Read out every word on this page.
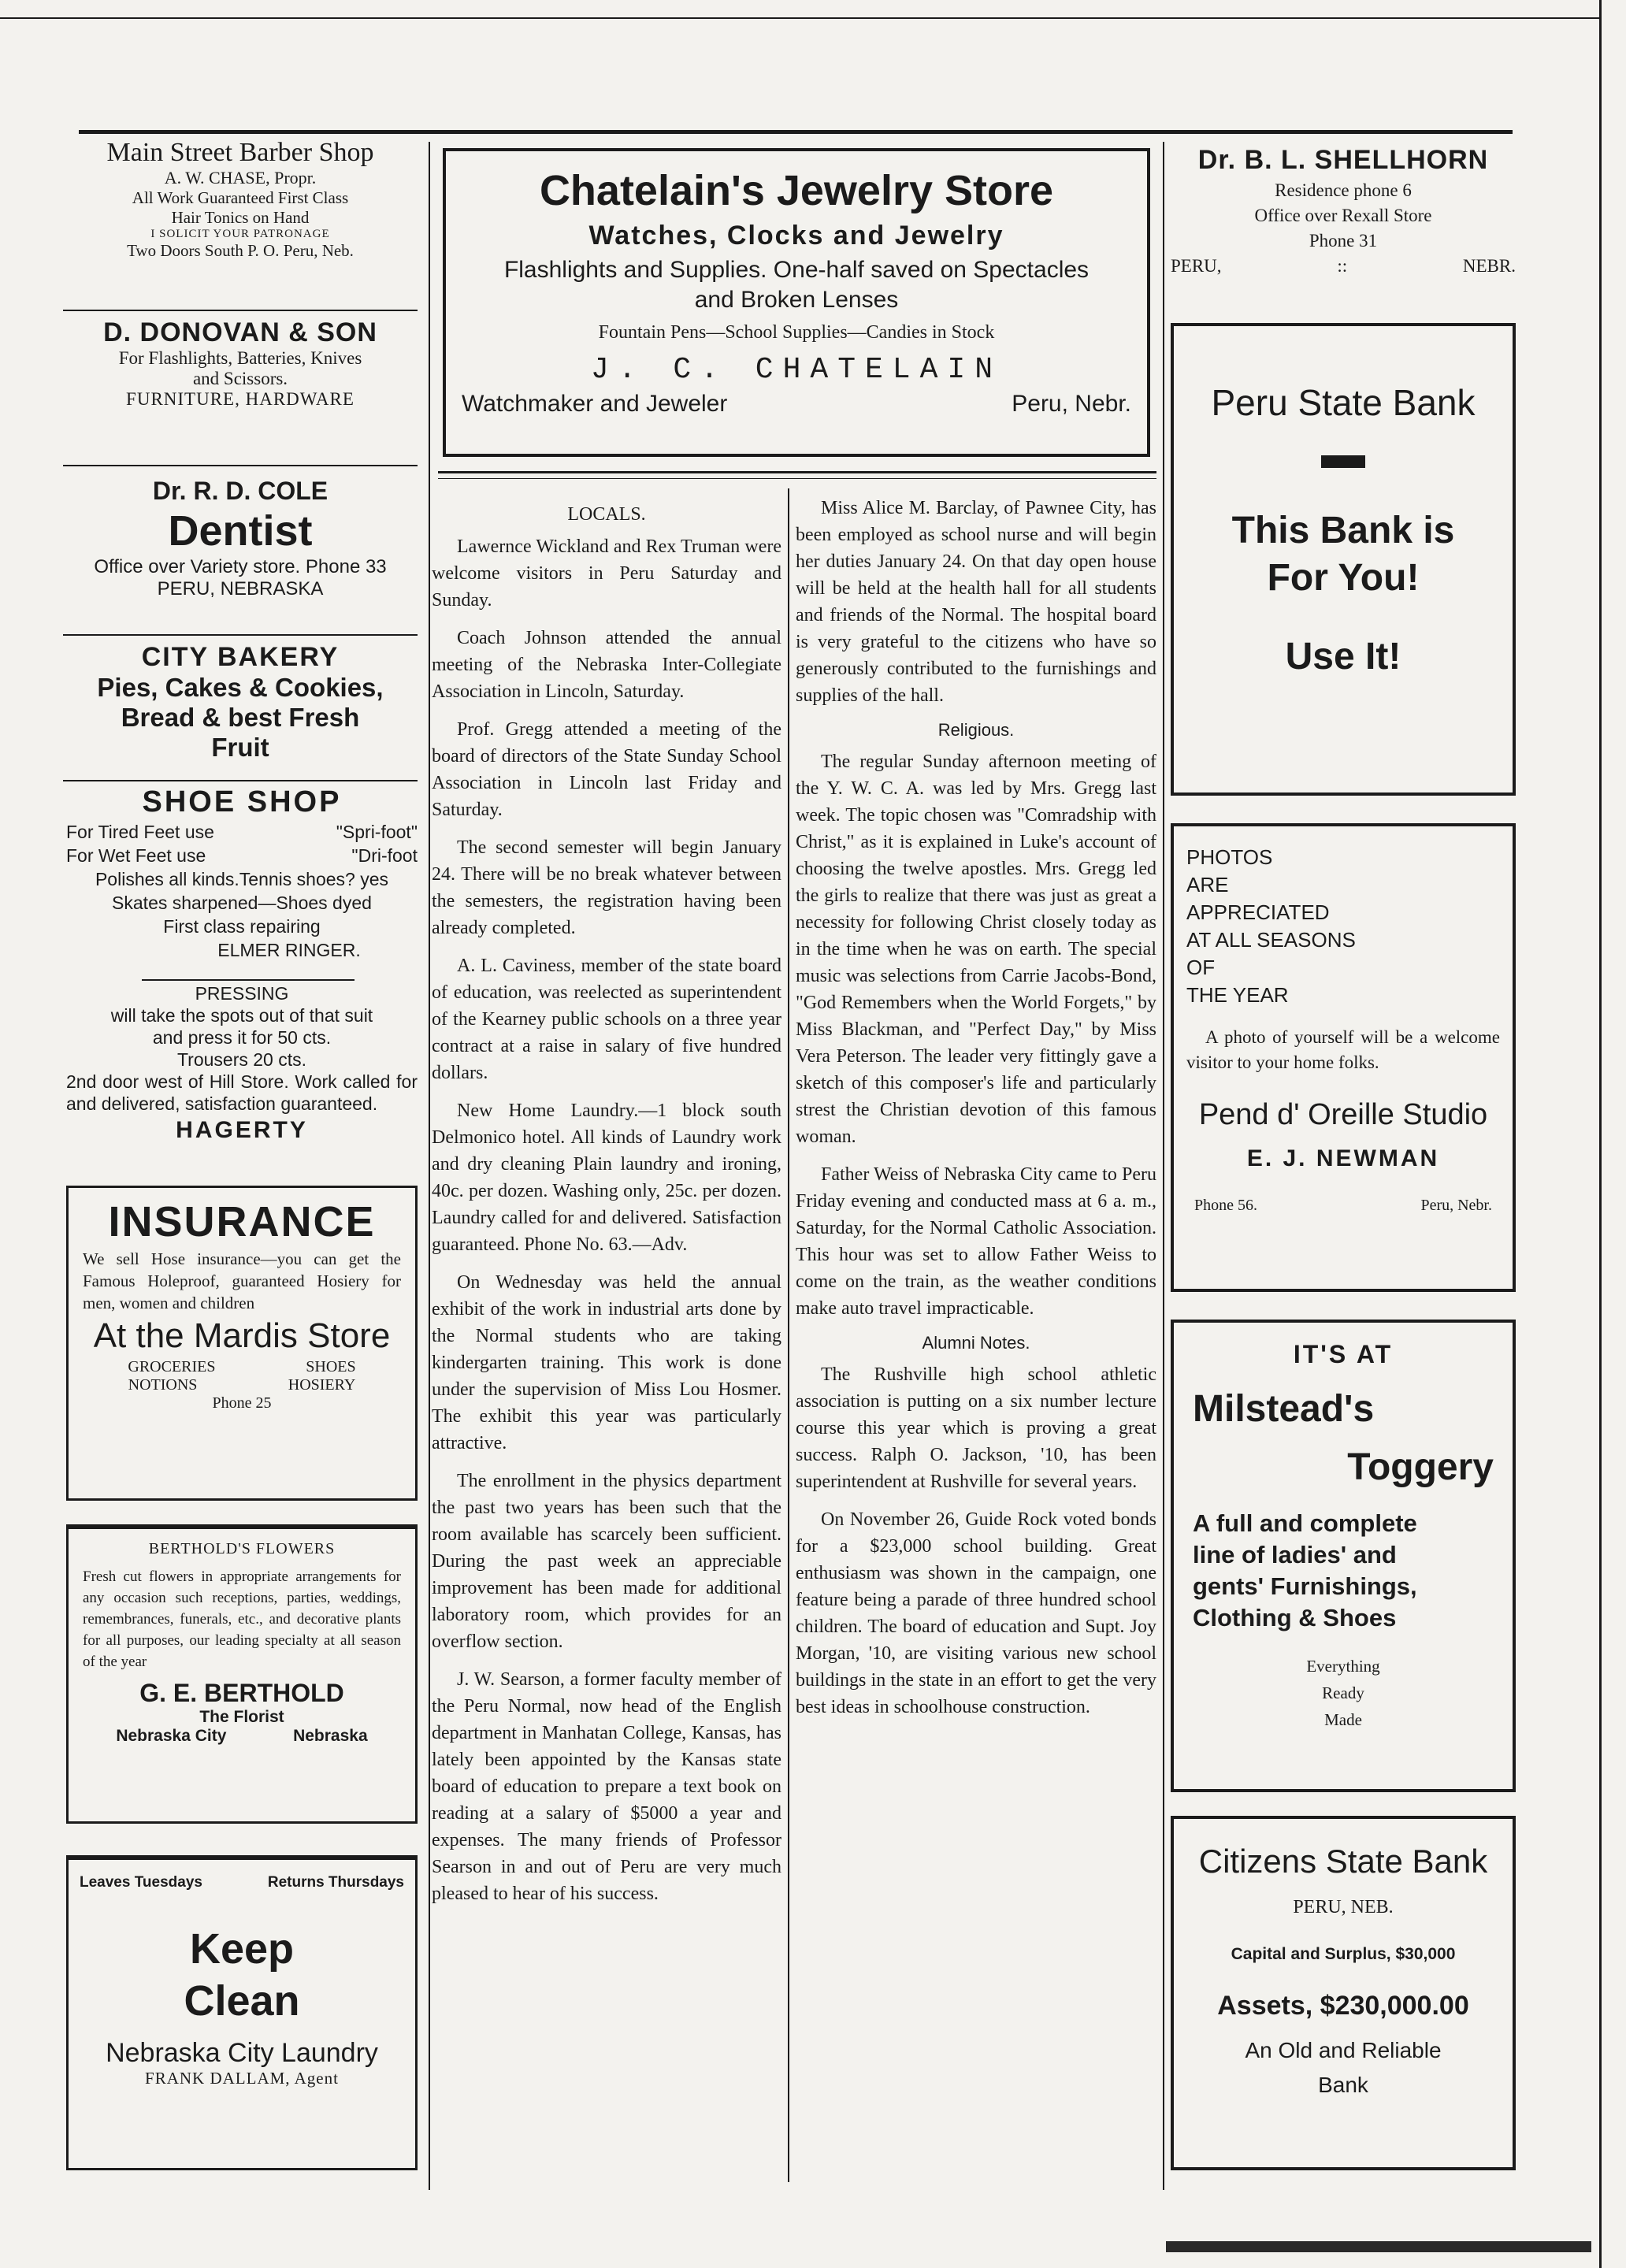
Main Street Barber Shop
A. W. CHASE, Propr.
All Work Guaranteed First Class
Hair Tonics on Hand
I SOLICIT YOUR PATRONAGE
Two Doors South P. O. Peru, Neb.
D. DONOVAN & SON
For Flashlights, Batteries, Knives
and Scissors.
FURNITURE, HARDWARE
Dr. R. D. COLE
Dentist
Office over Variety store. Phone 33
PERU, NEBRASKA
CITY BAKERY
Pies, Cakes & Cookies,
Bread & best Fresh
Fruit
SHOE SHOP
For Tired Feet use	"Spri-foot"
For Wet Feet use	"Dri-foot
Polishes all kinds.Tennis shoes? yes
Skates sharpened—Shoes dyed
First class repairing
ELMER RINGER.
PRESSING
will take the spots out of that suit
and press it for 50 cts.
Trousers 20 cts.
2nd door west of Hill Store. Work called for and delivered, satisfaction guaranteed.
HAGERTY
INSURANCE
We sell Hose insurance—you can get the Famous Holeproof, guaranteed Hosiery for men, women and children
At the Mardis Store
GROCERIES	SHOES
NOTIONS	HOSIERY
Phone 25
BERTHOLD'S FLOWERS
Fresh cut flowers in appropriate arrangements for any occasion such receptions, parties, weddings, remembrances, funerals, etc., and decorative plants for all purposes, our leading specialty at all season of the year
G. E. BERTHOLD
The Florist
Nebraska City	Nebraska
Leaves Tuesdays	Returns Thursdays
Keep
Clean
Nebraska City Laundry
FRANK DALLAM, Agent
Chatelain's Jewelry Store
Watches, Clocks and Jewelry
Flashlights and Supplies. One-half saved on Spectacles
and Broken Lenses
Fountain Pens—School Supplies—Candies in Stock
J. C. CHATELAIN
Watchmaker and Jeweler	Peru, Nebr.
LOCALS.

Lawernce Wickland and Rex Truman were welcome visitors in Peru Saturday and Sunday.

Coach Johnson attended the annual meeting of the Nebraska Inter-Collegiate Association in Lincoln, Saturday.

Prof. Gregg attended a meeting of the board of directors of the State Sunday School Association in Lincoln last Friday and Saturday.

The second semester will begin January 24. There will be no break whatever between the semesters, the registration having been already completed.

A. L. Caviness, member of the state board of education, was reelected as superintendent of the Kearney public schools on a three year contract at a raise in salary of five hundred dollars.

New Home Laundry.—1 block south Delmonico hotel. All kinds of Laundry work and dry cleaning Plain laundry and ironing, 40c. per dozen. Washing only, 25c. per dozen. Laundry called for and delivered. Satisfaction guaranteed. Phone No. 63.—Adv.

On Wednesday was held the annual exhibit of the work in industrial arts done by the Normal students who are taking kindergarten training. This work is done under the supervision of Miss Lou Hosmer. The exhibit this year was particularly attractive.

The enrollment in the physics department the past two years has been such that the room available has scarcely been sufficient. During the past week an appreciable improvement has been made for additional laboratory room, which provides for an overflow section.

J. W. Searson, a former faculty member of the Peru Normal, now head of the English department in Manhatan College, Kansas, has lately been appointed by the Kansas state board of education to prepare a text book on reading at a salary of $5000 a year and expenses. The many friends of Professor Searson in and out of Peru are very much pleased to hear of his success.

Miss Alice M. Barclay, of Pawnee City, has been employed as school nurse and will begin her duties January 24. On that day open house will be held at the health hall for all students and friends of the Normal. The hospital board is very grateful to the citizens who have so generously contributed to the furnishings and supplies of the hall.

Religious.

The regular Sunday afternoon meeting of the Y. W. C. A. was led by Mrs. Gregg last week. The topic chosen was "Comradship with Christ," as it is explained in Luke's account of choosing the twelve apostles. Mrs. Gregg led the girls to realize that there was just as great a necessity for following Christ closely today as in the time when he was on earth. The special music was selections from Carrie Jacobs-Bond, "God Remembers when the World Forgets," by Miss Blackman, and "Perfect Day," by Miss Vera Peterson. The leader very fittingly gave a sketch of this composer's life and particularly strest the Christian devotion of this famous woman.

Father Weiss of Nebraska City came to Peru Friday evening and conducted mass at 6 a. m., Saturday, for the Normal Catholic Association. This hour was set to allow Father Weiss to come on the train, as the weather conditions make auto travel impracticable.

Alumni Notes.

The Rushville high school athletic association is putting on a six number lecture course this year which is proving a great success. Ralph O. Jackson, '10, has been superintendent at Rushville for several years.

On November 26, Guide Rock voted bonds for a $23,000 school building. Great enthusiasm was shown in the campaign, one feature being a parade of three hundred school children. The board of education and Supt. Joy Morgan, '10, are visiting various new school buildings in the state in an effort to get the very best ideas in schoolhouse construction.

Dr. B. L. SHELLHORN
Residence phone 6
Office over Rexall Store
Phone 31
PERU,	::	NEBR.
Peru State Bank
This Bank is
For You!
Use It!
PHOTOS
ARE
APPRECIATED
AT ALL SEASONS
OF
THE YEAR
A photo of yourself will be a welcome visitor to your home folks.
Pend d' Oreille Studio
E. J. NEWMAN
Phone 56.	Peru, Nebr.
IT'S AT
Milstead's
Toggery
A full and complete
line of ladies' and
gents' Furnishings,
Clothing & Shoes
Everything
Ready
Made
Citizens State Bank
PERU, NEB.
Capital and Surplus, $30,000
Assets, $230,000.00
An Old and Reliable
Bank
